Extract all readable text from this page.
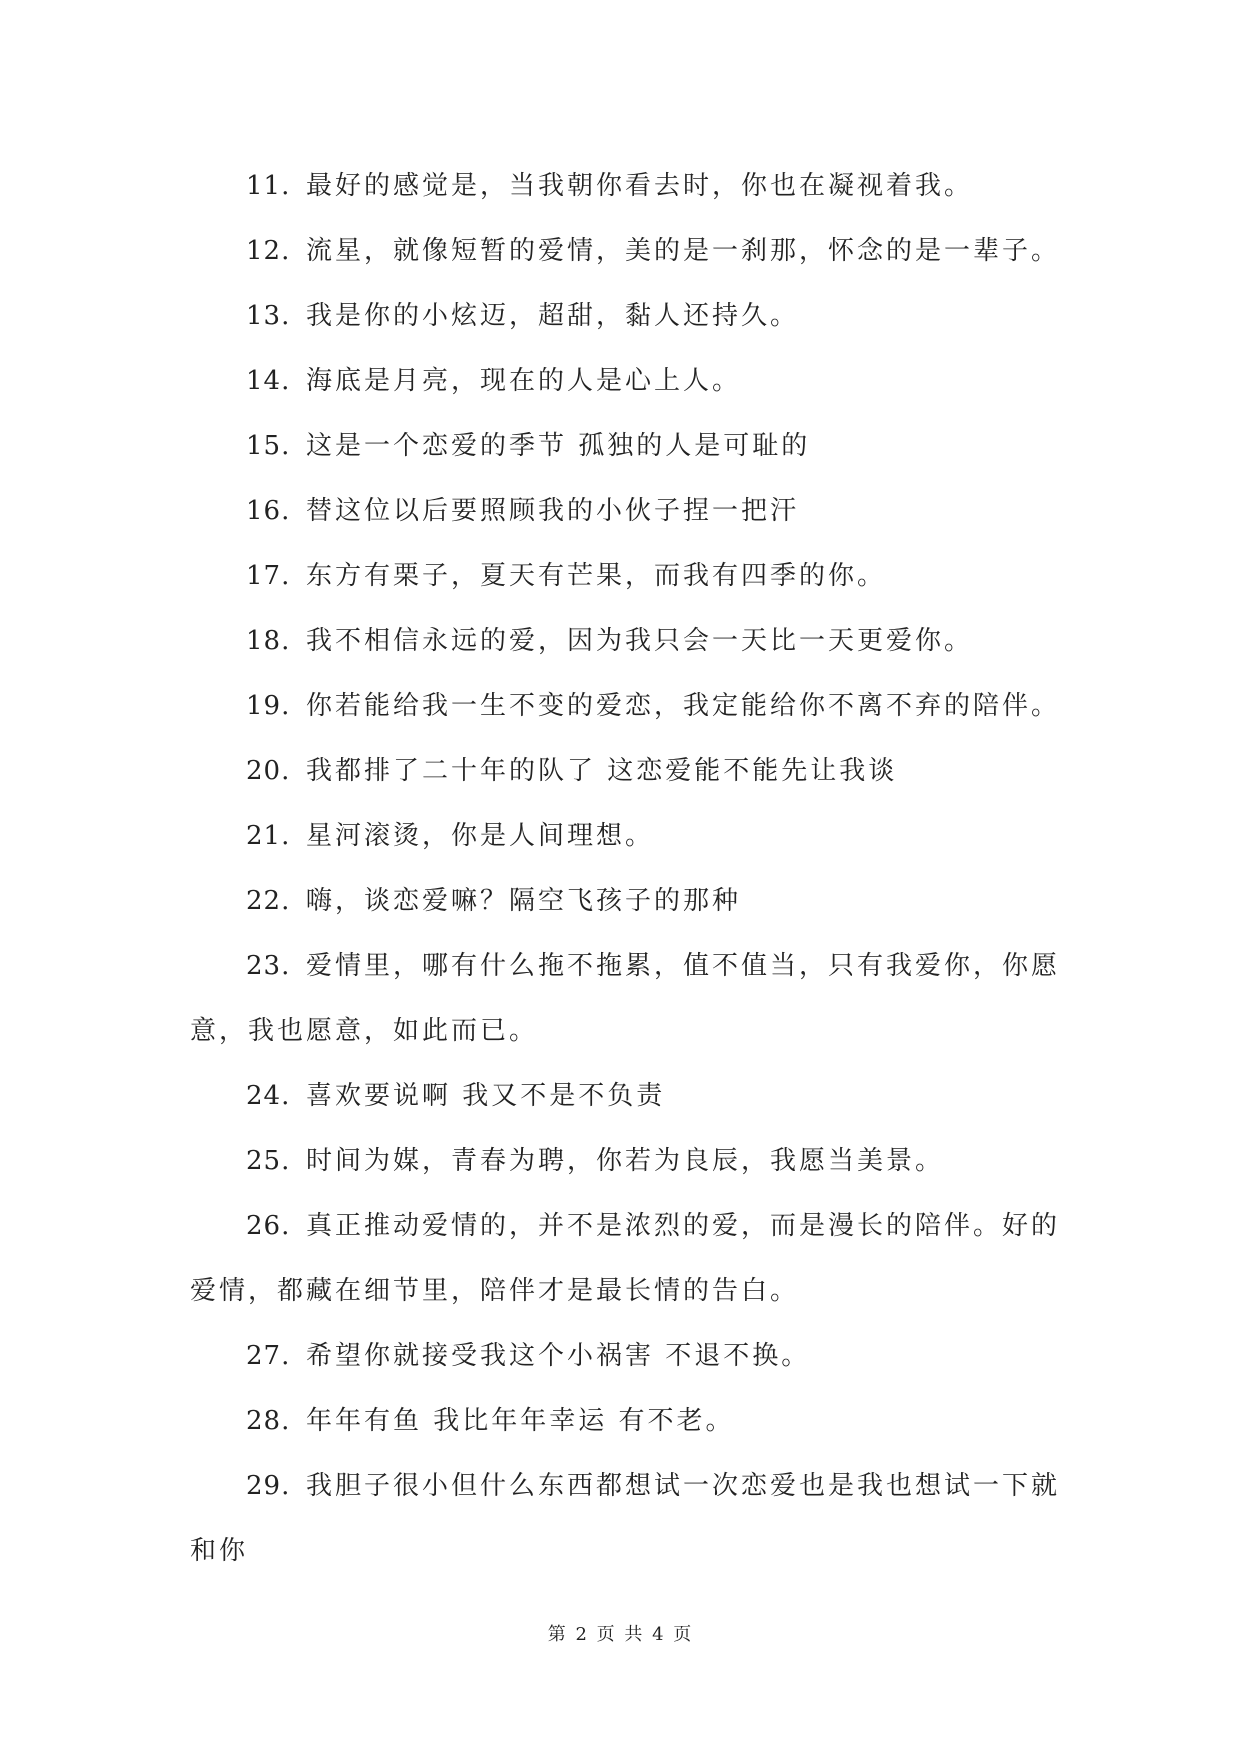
11. 最好的感觉是，当我朝你看去时，你也在凝视着我。
12. 流星，就像短暂的爱情，美的是一刹那，怀念的是一辈子。
13. 我是你的小炫迈，超甜，黏人还持久。
14. 海底是月亮，现在的人是心上人。
15. 这是一个恋爱的季节 孤独的人是可耻的
16. 替这位以后要照顾我的小伙子捏一把汗
17. 东方有栗子，夏天有芒果，而我有四季的你。
18. 我不相信永远的爱，因为我只会一天比一天更爱你。
19. 你若能给我一生不变的爱恋，我定能给你不离不弃的陪伴。
20. 我都排了二十年的队了 这恋爱能不能先让我谈
21. 星河滚烫，你是人间理想。
22. 嗨，谈恋爱嘛？隔空飞孩子的那种
23. 爱情里，哪有什么拖不拖累，值不值当，只有我爱你，你愿意，我也愿意，如此而已。
24. 喜欢要说啊 我又不是不负责
25. 时间为媒，青春为聘，你若为良辰，我愿当美景。
26. 真正推动爱情的，并不是浓烈的爱，而是漫长的陪伴。好的爱情，都藏在细节里，陪伴才是最长情的告白。
27. 希望你就接受我这个小祸害 不退不换。
28. 年年有鱼 我比年年幸运 有不老。
29. 我胆子很小但什么东西都想试一次恋爱也是我也想试一下就和你
第 2 页 共 4 页
